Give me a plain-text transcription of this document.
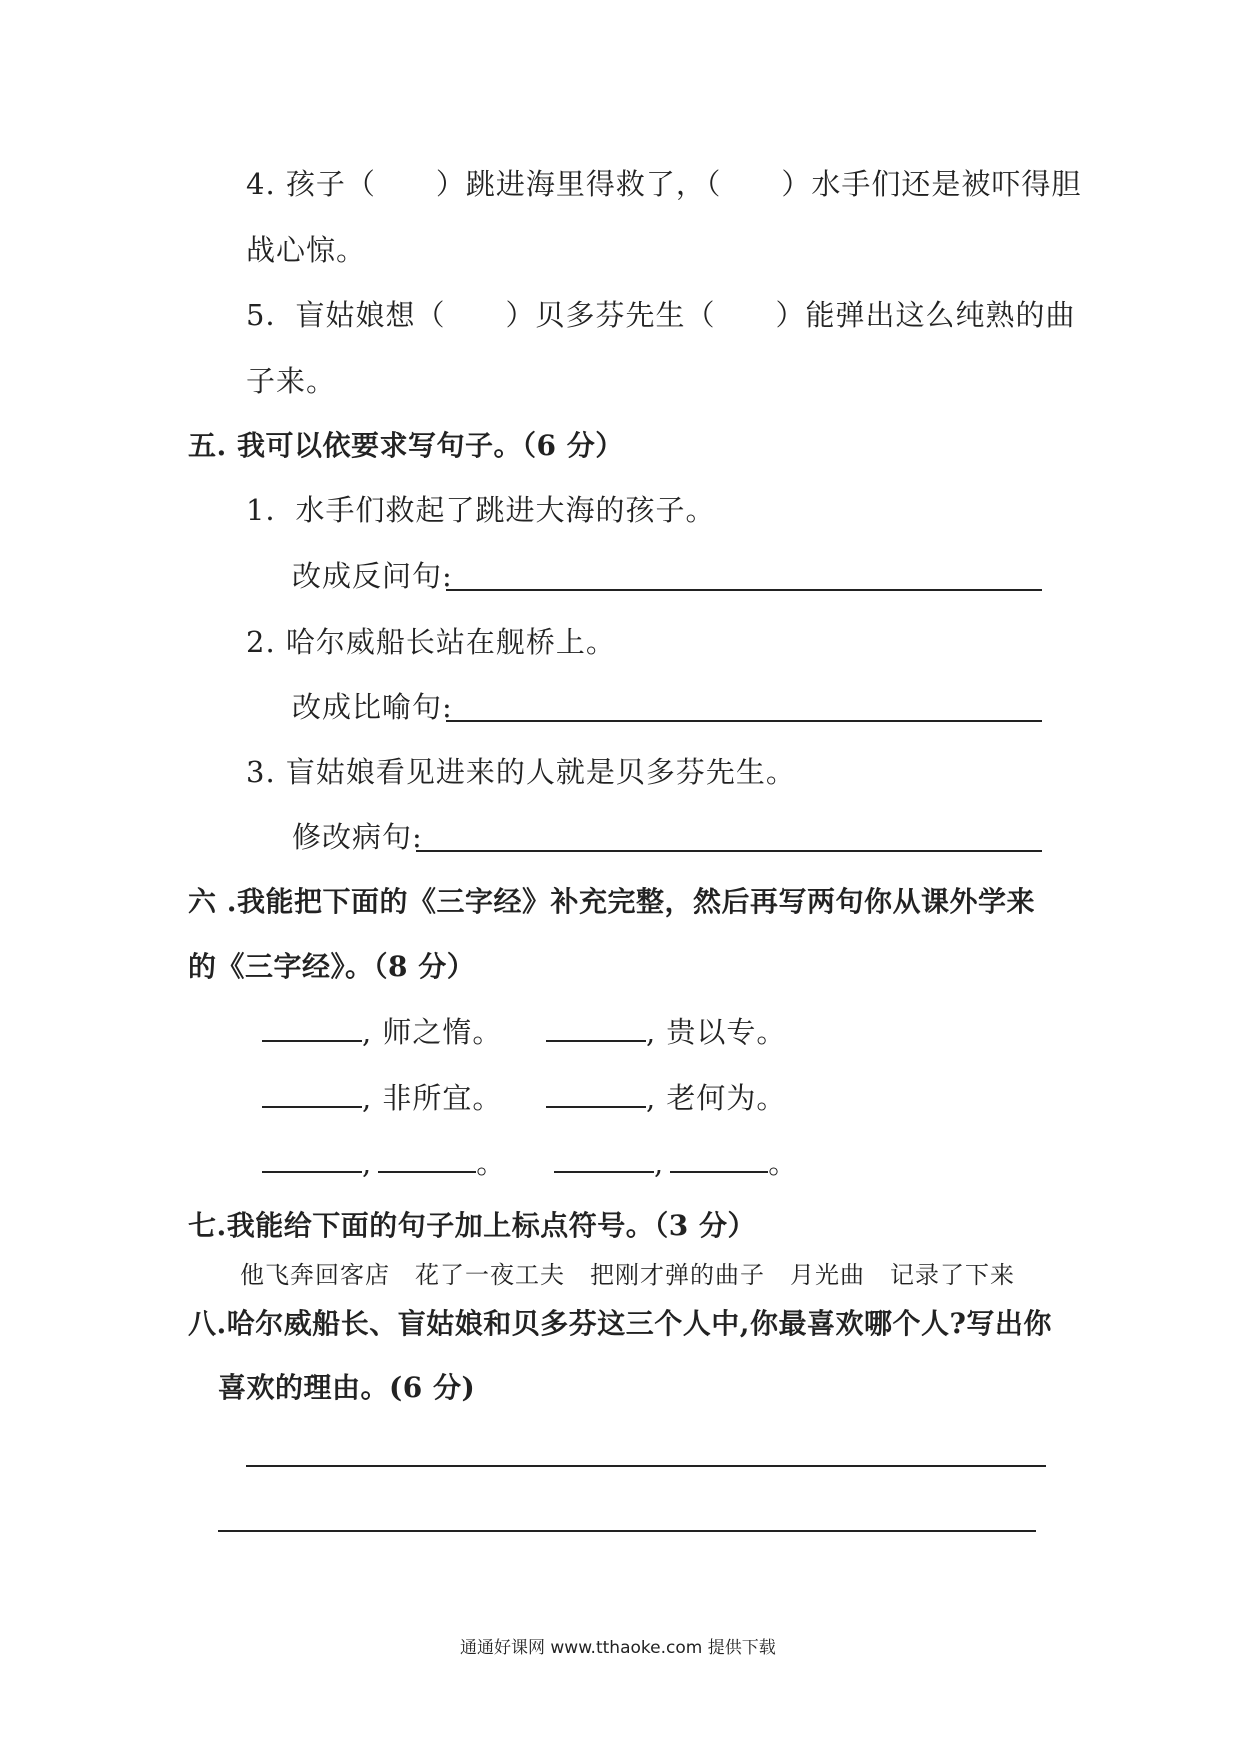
4. 孩子（　　）跳进海里得救了，（　　）水手们还是被吓得胆
战心惊。
5．盲姑娘想（　　）贝多芬先生（　　）能弹出这么纯熟的曲
子来。
五. 我可以依要求写句子。（6 分）
1．水手们救起了跳进大海的孩子。
改成反问句:
2. 哈尔威船长站在舰桥上。
改成比喻句:
3. 盲姑娘看见进来的人就是贝多芬先生。
修改病句:
六 .我能把下面的《三字经》补充完整，然后再写两句你从课外学来
的《三字经》。（8 分）
, 师之惰。	, 贵以专。
, 非所宜。	, 老何为。
,	。	,	。
七.我能给下面的句子加上标点符号。（3 分）
他飞奔回客店　花了一夜工夫　把刚才弹的曲子　月光曲　记录了下来
八.哈尔威船长、盲姑娘和贝多芬这三个人中,你最喜欢哪个人?写出你
喜欢的理由。(6 分)
通通好课网 www.tthaoke.com 提供下载
